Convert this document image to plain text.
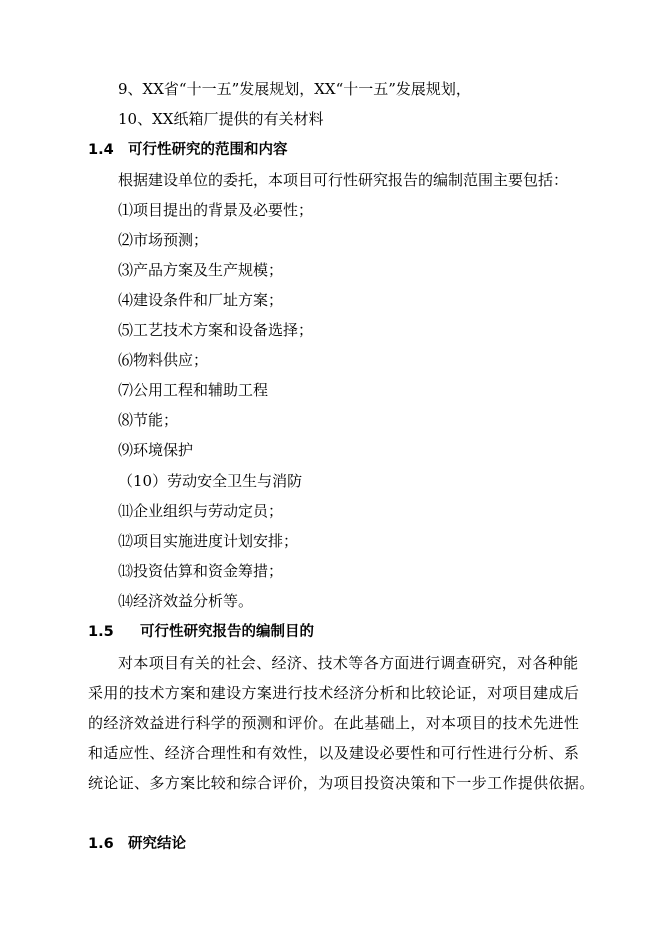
9、XX省“十一五”发展规划，XX“十一五”发展规划，
10、XX纸箱厂提供的有关材料
1.4 可行性研究的范围和内容
根据建设单位的委托，本项目可行性研究报告的编制范围主要包括：
⑴项目提出的背景及必要性；
⑵市场预测；
⑶产品方案及生产规模；
⑷建设条件和厂址方案；
⑸工艺技术方案和设备选择；
⑹物料供应；
⑺公用工程和辅助工程
⑻节能；
⑼环境保护
（10）劳动安全卫生与消防
⑾企业组织与劳动定员；
⑿项目实施进度计划安排；
⒀投资估算和资金筹措；
⒁经济效益分析等。
1.5 可行性研究报告的编制目的
对本项目有关的社会、经济、技术等各方面进行调查研究，对各种能
采用的技术方案和建设方案进行技术经济分析和比较论证，对项目建成后
的经济效益进行科学的预测和评价。在此基础上，对本项目的技术先进性
和适应性、经济合理性和有效性，以及建设必要性和可行性进行分析、系
统论证、多方案比较和综合评价，为项目投资决策和下一步工作提供依据。
1.6 研究结论
